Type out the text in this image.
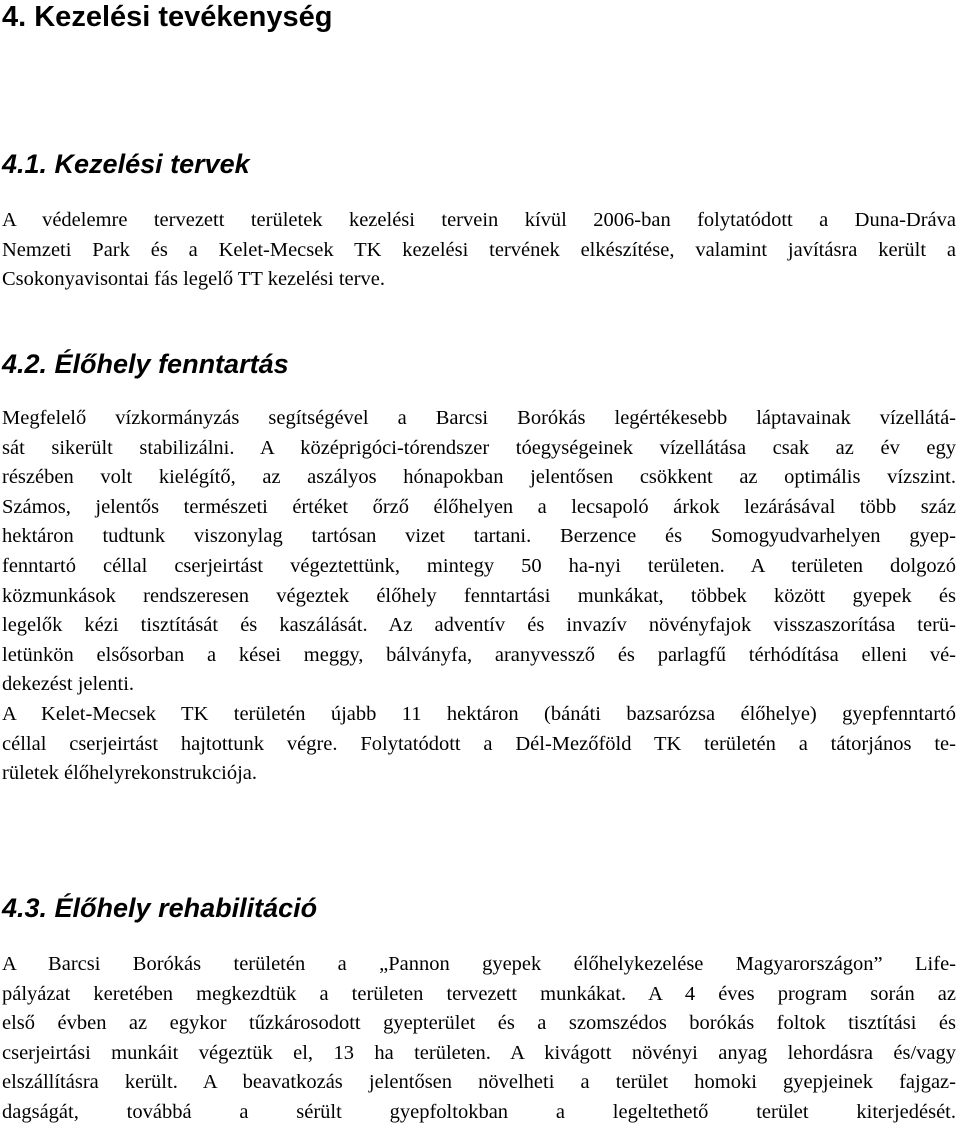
4. Kezelési tevékenység
4.1. Kezelési tervek
A védelemre tervezett területek kezelési tervein kívül 2006-ban folytatódott a Duna-Dráva
Nemzeti Park és a Kelet-Mecsek TK kezelési tervének elkészítése, valamint javításra került a
Csokonyavisontai fás legelő TT kezelési terve.
4.2. Élőhely fenntartás
Megfelelő vízkormányzás segítségével a Barcsi Borókás legértékesebb láptavainak vízellátá-
sát sikerült stabilizálni. A középrigóci-tórendszer tóegységeinek vízellátása csak az év egy
részében volt kielégítő, az aszályos hónapokban jelentősen csökkent az optimális vízszint.
Számos, jelentős természeti értéket őrző élőhelyen a lecsapoló árkok lezárásával több száz
hektáron tudtunk viszonylag tartósan vizet tartani. Berzence és Somogyudvarhelyen gyep-
fenntartó céllal cserjeirtást végeztettünk, mintegy 50 ha-nyi területen. A területen dolgozó
közmunkások rendszeresen végeztek élőhely fenntartási munkákat, többek között gyepek és
legelők kézi tisztítását és kaszálását. Az adventív és invazív növényfajok visszaszorítása terü-
letünkön elsősorban a kései meggy, bálványfa, aranyvessző és parlagfű térhódítása elleni vé-
dekezést jelenti.
A Kelet-Mecsek TK területén újabb 11 hektáron (bánáti bazsarózsa élőhelye) gyepfenntartó
céllal cserjeirtást hajtottunk végre. Folytatódott a Dél-Mezőföld TK területén a tátorjános te-
rületek élőhelyrekonstrukciója.
4.3. Élőhely rehabilitáció
A Barcsi Borókás területén a „Pannon gyepek élőhelykezelése Magyarországon” Life-
pályázat keretében megkezdtük a területen tervezett munkákat. A 4 éves program során az
első évben az egykor tűzkárosodott gyepterület és a szomszédos borókás foltok tisztítási és
cserjeirtási munkáit végeztük el, 13 ha területen. A kivágott növényi anyag lehordásra és/vagy
elszállításra került. A beavatkozás jelentősen növelheti a terület homoki gyepjeinek fajgaz-
dagságát, továbbá a sérült gyepfoltokban a legeltethető terület kiterjedését.
